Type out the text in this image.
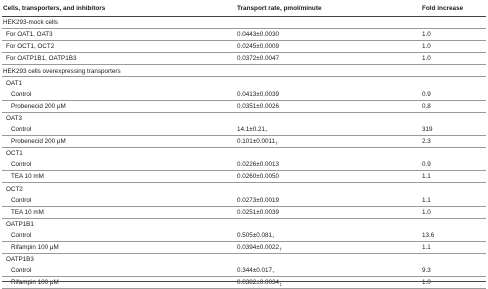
Cells, transporters, and inhibitors	Transport rate, pmol/minute	Fold increase
HEK293-mock cells
For OAT1, OAT3	0.0443±0.0030	1.0
For OCT1, OCT2	0.0245±0.0009	1.0
For OATP1B1, OATP1B3	0.0372±0.0047	1.0
HEK293 cells overexpressing transporters
OAT1
Control	0.0413±0.0039	0.9
Probenecid 200 μM	0.0351±0.0026	0.8
OAT3
Control	14.1±0.21 *	319
Probenecid 200 μM	0.101±0.0011 †	2.3
OCT1
Control	0.0226±0.0013	0.9
TEA 10 mM	0.0260±0.0050	1.1
OCT2
Control	0.0273±0.0019	1.1
TEA 10 mM	0.0251±0.0039	1.0
OATP1B1
Control	0.505±0.081 *	13.6
Rifampin 100 μM	0.0394±0.0022 †	1.1
OATP1B3
Control	0.344±0.017 *	9.3
Rifampin 100 μM	0.0382±0.0034 ‡	1.0
